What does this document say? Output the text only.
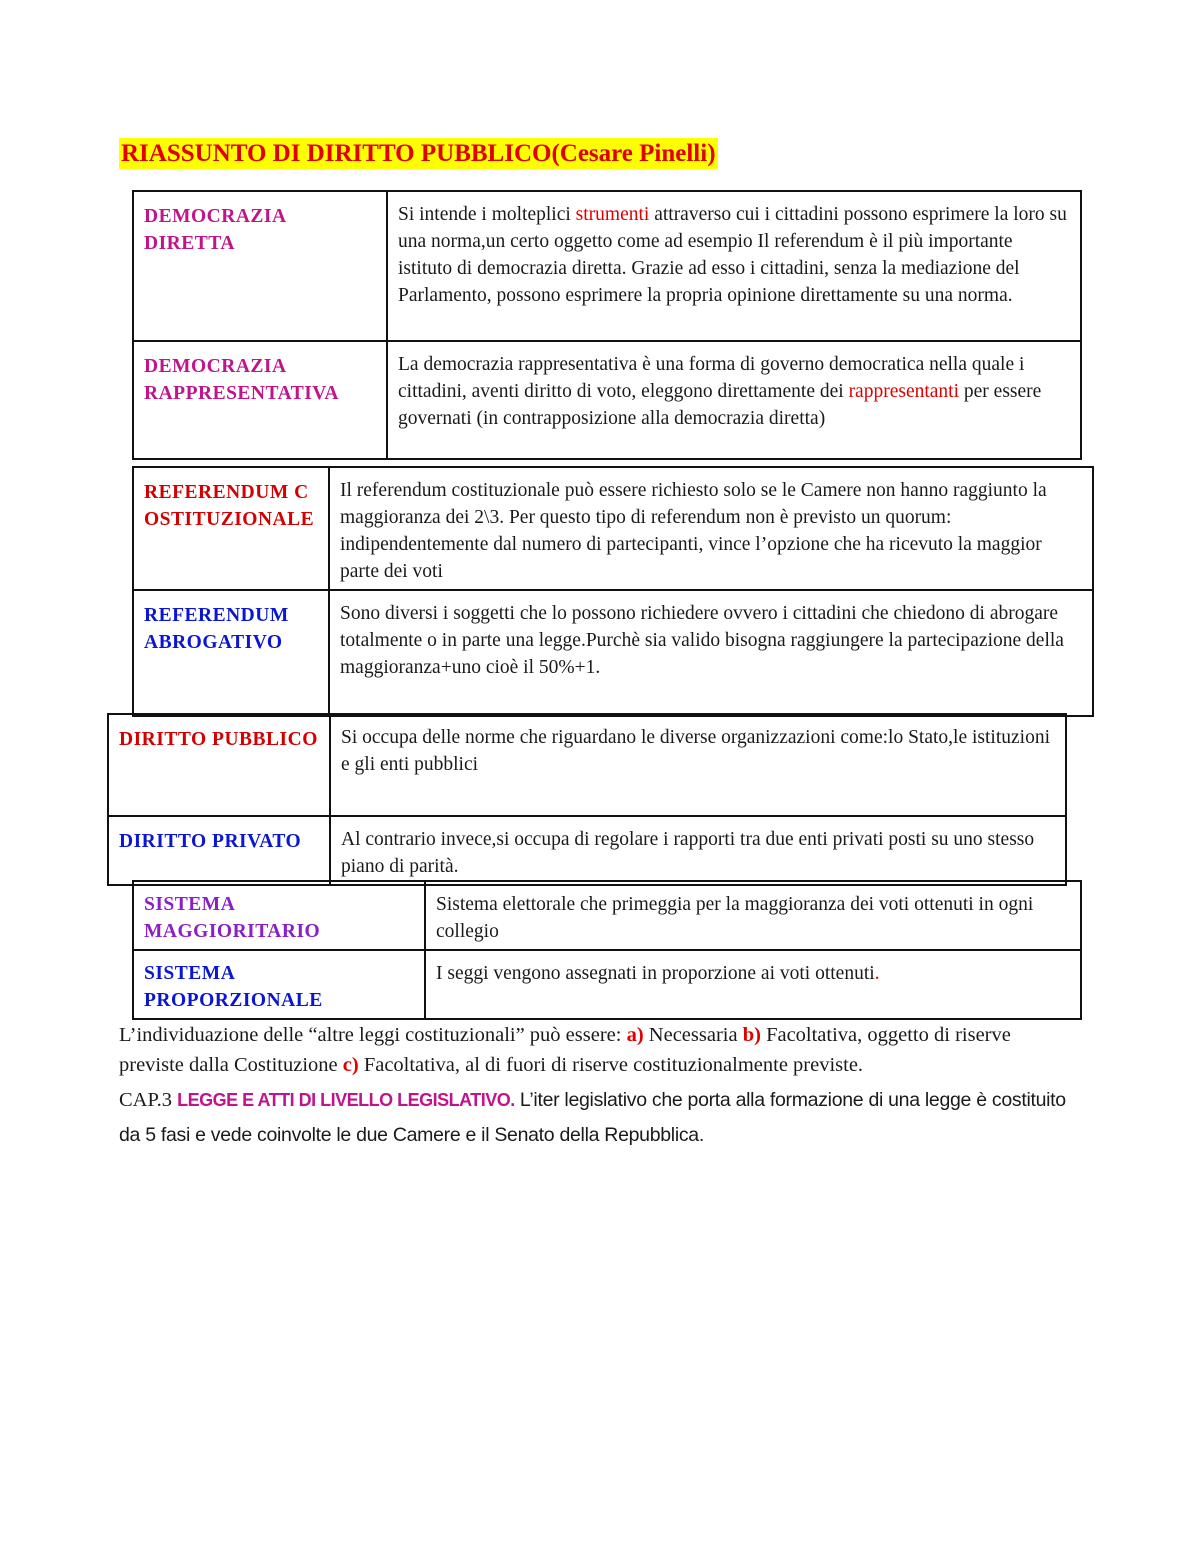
RIASSUNTO DI DIRITTO PUBBLICO(Cesare Pinelli)
DEMOCRAZIA DIRETTA	Si intende i molteplici strumenti attraverso cui i cittadini possono esprimere la loro su una norma,un certo oggetto come ad esempio Il referendum è il più importante istituto di democrazia diretta. Grazie ad esso i cittadini, senza la mediazione del Parlamento, possono esprimere la propria opinione direttamente su una norma.
DEMOCRAZIA RAPPRESENTATIVA	La democrazia rappresentativa è una forma di governo democratica nella quale i cittadini, aventi diritto di voto, eleggono direttamente dei rappresentanti per essere governati (in contrapposizione alla democrazia diretta)
REFERENDUM COSTITUZIONALE	Il referendum costituzionale può essere richiesto solo se le Camere non hanno raggiunto la maggioranza dei 2\3. Per questo tipo di referendum non è previsto un quorum: indipendentemente dal numero di partecipanti, vince l’opzione che ha ricevuto la maggior parte dei voti
REFERENDUM ABROGATIVO	Sono diversi i soggetti che lo possono richiedere ovvero i cittadini che chiedono di abrogare totalmente o in parte una legge.Purchè sia valido bisogna raggiungere la partecipazione della maggioranza+uno cioè il 50%+1.
DIRITTO PUBBLICO	Si occupa delle norme che riguardano le diverse organizzazioni come:lo Stato,le istituzioni e gli enti pubblici
DIRITTO PRIVATO	Al contrario invece,si occupa di regolare i rapporti tra due enti privati posti su uno stesso piano di parità.
SISTEMA MAGGIORITARIO	Sistema elettorale che primeggia per la maggioranza dei voti ottenuti in ogni collegio
SISTEMA PROPORZIONALE	I seggi vengono assegnati in proporzione ai voti ottenuti.

L’individuazione delle “altre leggi costituzionali” può essere: a) Necessaria b) Facoltativa, oggetto di riserve previste dalla Costituzione c) Facoltativa, al di fuori di riserve costituzionalmente previste.

CAP.3 LEGGE E ATTI DI LIVELLO LEGISLATIVO. L’iter legislativo che porta alla formazione di una legge è costituito da 5 fasi e vede coinvolte le due Camere e il Senato della Repubblica.
